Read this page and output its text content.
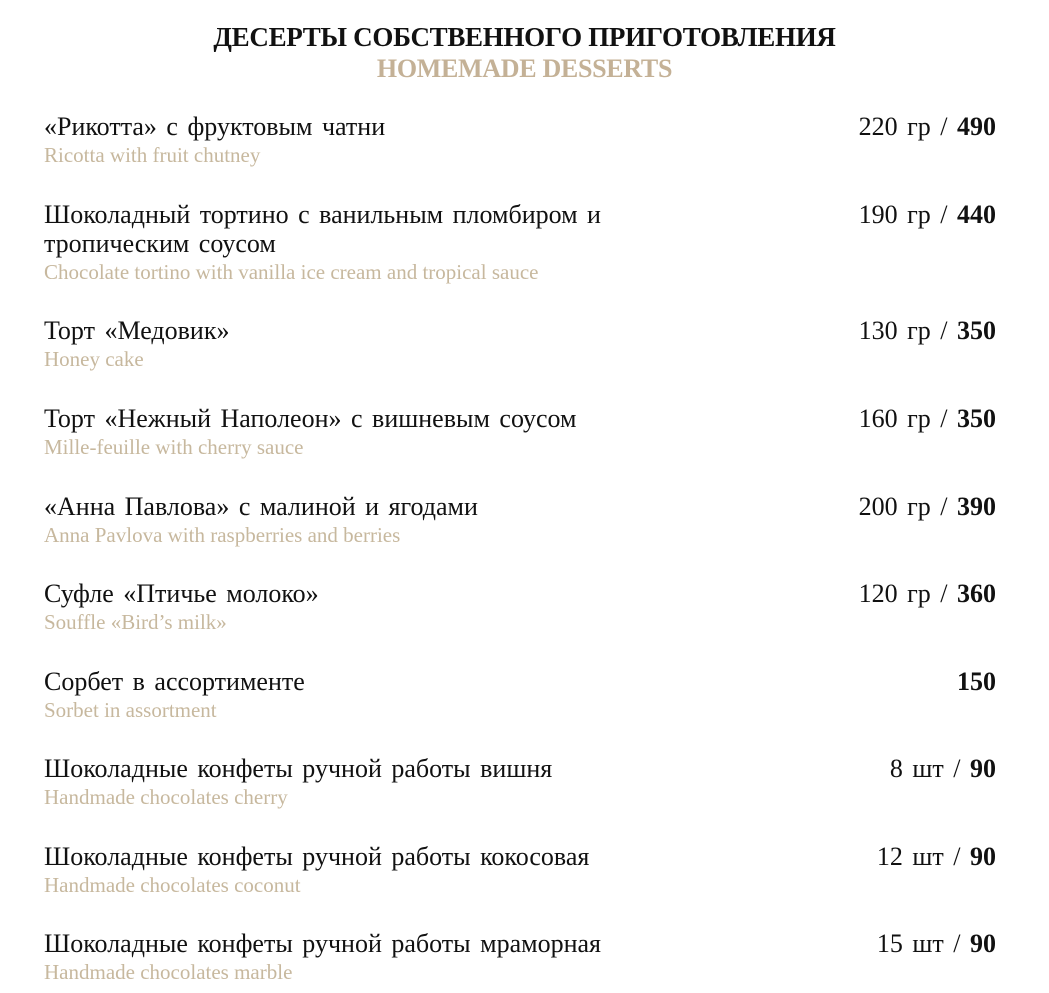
ДЕСЕРТЫ СОБСТВЕННОГО ПРИГОТОВЛЕНИЯ
HOMEMADE DESSERTS
«Рикотта» с фруктовым чатни
Ricotta with fruit chutney
220 гр / 490
Шоколадный тортино с ванильным пломбиром и тропическим соусом
Chocolate tortino with vanilla ice cream and tropical sauce
190 гр / 440
Торт «Медовик»
Honey cake
130 гр / 350
Торт «Нежный Наполеон» с вишневым соусом
Mille-feuille with cherry sauce
160 гр / 350
«Анна Павлова» с малиной и ягодами
Anna Pavlova with raspberries and berries
200 гр / 390
Суфле «Птичье молоко»
Souffle «Bird’s milk»
120 гр / 360
Сорбет в ассортименте
Sorbet in assortment
150
Шоколадные конфеты ручной работы вишня
Handmade chocolates cherry
8 шт / 90
Шоколадные конфеты ручной работы кокосовая
Handmade chocolates coconut
12 шт / 90
Шоколадные конфеты ручной работы мраморная
Handmade chocolates marble
15 шт / 90
